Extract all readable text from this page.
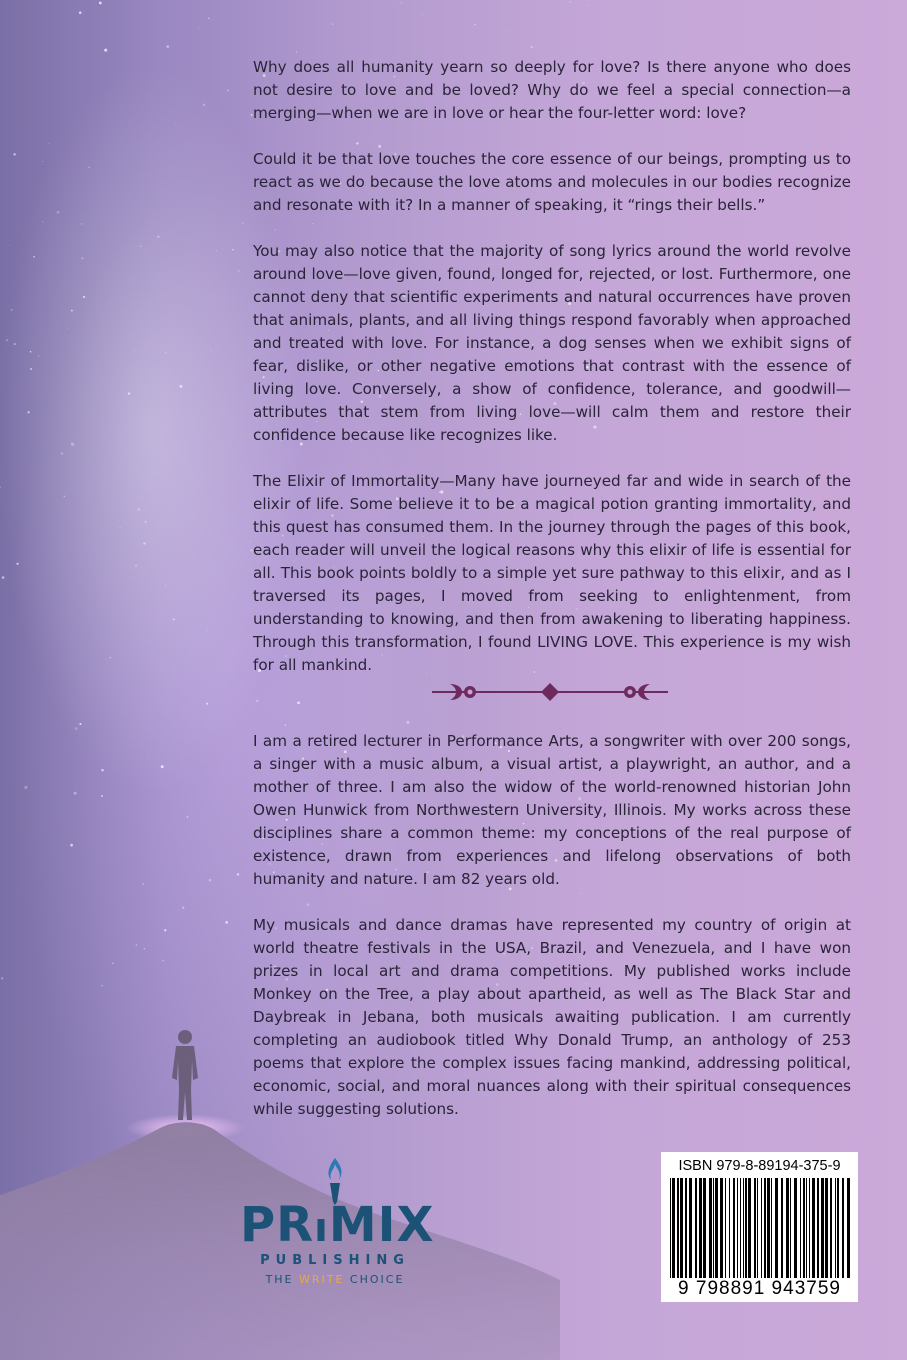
Why does all humanity yearn so deeply for love? Is there anyone who does not desire to love and be loved? Why do we feel a special connection—a merging—when we are in love or hear the four-letter word: love?

Could it be that love touches the core essence of our beings, prompting us to react as we do because the love atoms and molecules in our bodies recognize and resonate with it? In a manner of speaking, it “rings their bells.”

You may also notice that the majority of song lyrics around the world revolve around love—love given, found, longed for, rejected, or lost. Furthermore, one cannot deny that scientific experiments and natural occurrences have proven that animals, plants, and all living things respond favorably when approached and treated with love. For instance, a dog senses when we exhibit signs of fear, dislike, or other negative emotions that contrast with the essence of living love. Conversely, a show of confidence, tolerance, and goodwill—attributes that stem from living love—will calm them and restore their confidence because like recognizes like.

The Elixir of Immortality—Many have journeyed far and wide in search of the elixir of life. Some believe it to be a magical potion granting immortality, and this quest has consumed them. In the journey through the pages of this book, each reader will unveil the logical reasons why this elixir of life is essential for all. This book points boldly to a simple yet sure pathway to this elixir, and as I traversed its pages, I moved from seeking to enlightenment, from understanding to knowing, and then from awakening to liberating happiness. Through this transformation, I found LIVING LOVE. This experience is my wish for all mankind.

I am a retired lecturer in Performance Arts, a songwriter with over 200 songs, a singer with a music album, a visual artist, a playwright, an author, and a mother of three. I am also the widow of the world-renowned historian John Owen Hunwick from Northwestern University, Illinois. My works across these disciplines share a common theme: my conceptions of the real purpose of existence, drawn from experiences and lifelong observations of both humanity and nature. I am 82 years old.

My musicals and dance dramas have represented my country of origin at world theatre festivals in the USA, Brazil, and Venezuela, and I have won prizes in local art and drama competitions. My published works include Monkey on the Tree, a play about apartheid, as well as The Black Star and Daybreak in Jebana, both musicals awaiting publication. I am currently completing an audiobook titled Why Donald Trump, an anthology of 253 poems that explore the complex issues facing mankind, addressing political, economic, social, and moral nuances along with their spiritual consequences while suggesting solutions.

PRıMIX
PUBLISHING
THE WRITE CHOICE
ISBN 979-8-89194-375-9
9 798891 943759
